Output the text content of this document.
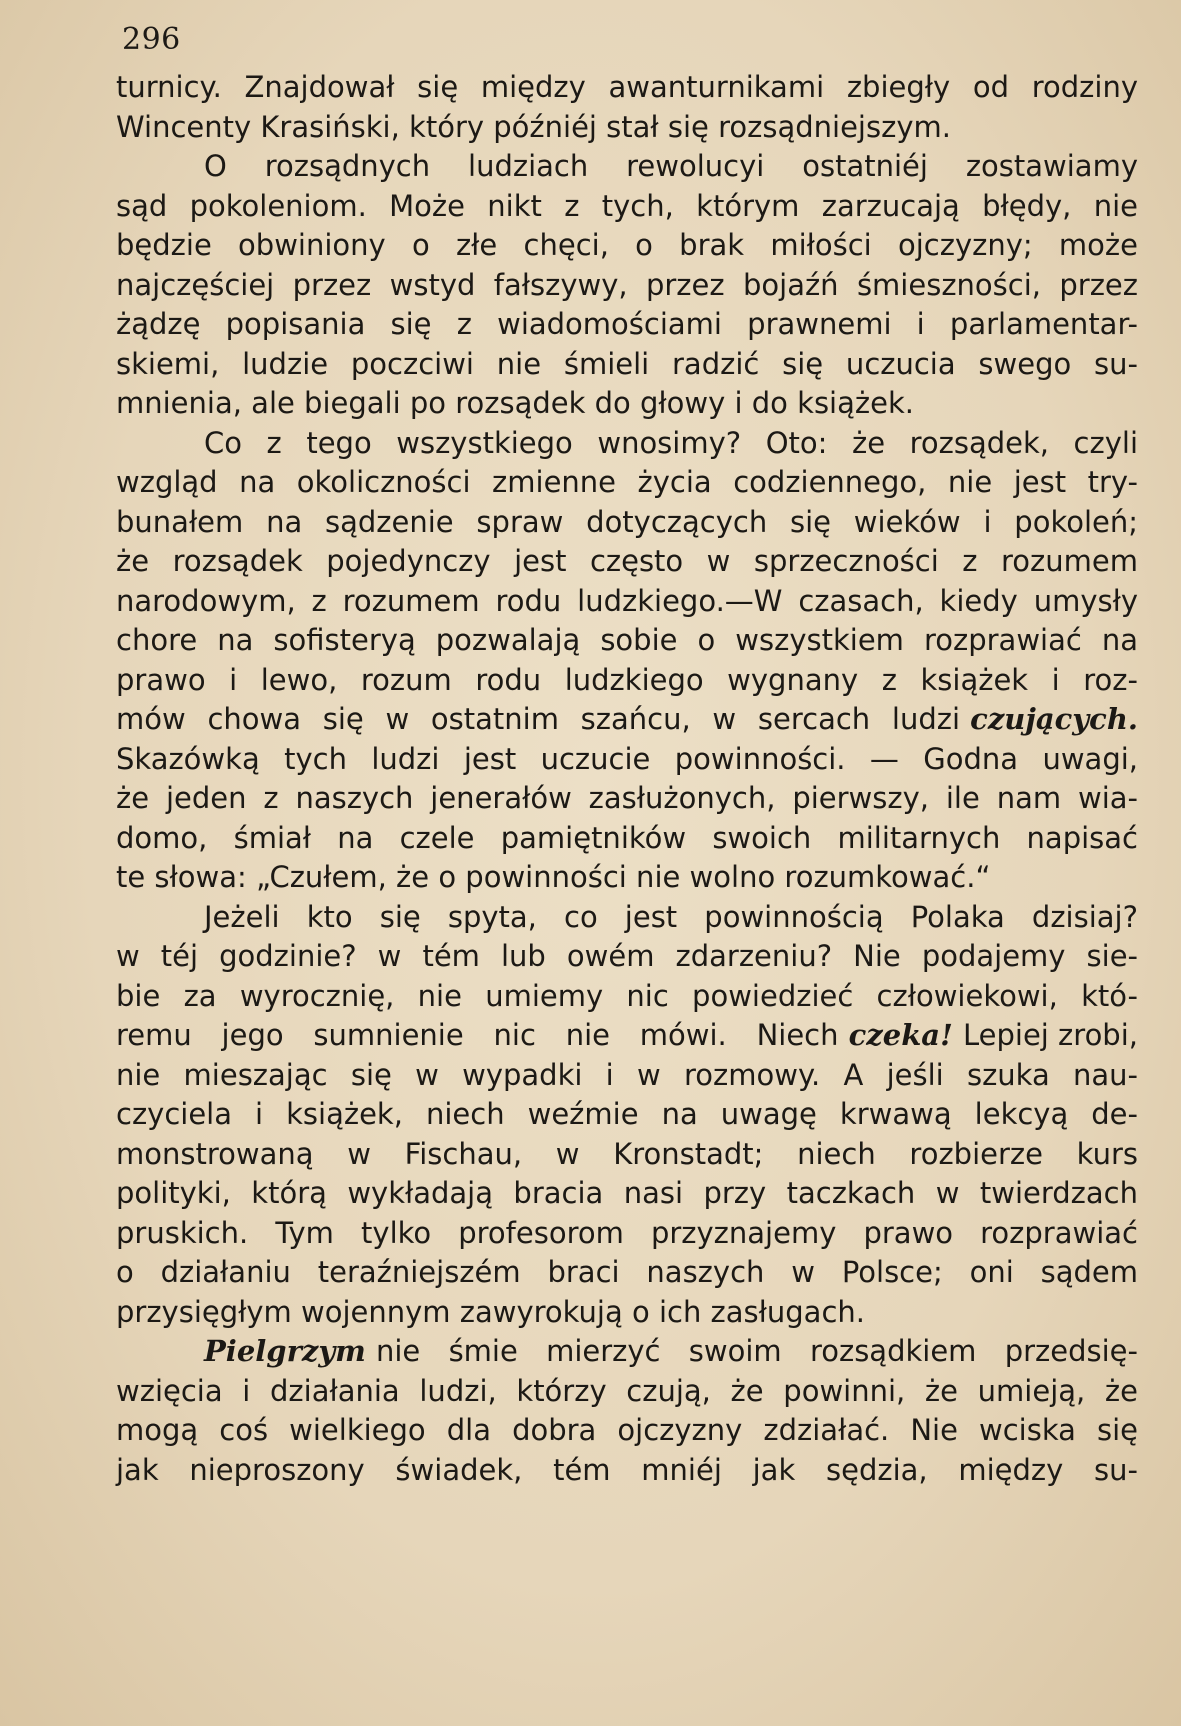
296
turnicy. Znajdował się między awanturnikami zbiegły od rodziny
Wincenty Krasiński, który późniéj stał się rozsądniejszym.
O rozsądnych ludziach rewolucyi ostatniéj zostawiamy
sąd pokoleniom. Może nikt z tych, którym zarzucają błędy, nie
będzie obwiniony o złe chęci, o brak miłości ojczyzny; może
najczęściej przez wstyd fałszywy, przez bojaźń śmieszności, przez
żądzę popisania się z wiadomościami prawnemi i parlamentar-
skiemi, ludzie poczciwi nie śmieli radzić się uczucia swego su-
mnienia, ale biegali po rozsądek do głowy i do książek.
Co z tego wszystkiego wnosimy? Oto: że rozsądek, czyli
wzgląd na okoliczności zmienne życia codziennego, nie jest try-
bunałem na sądzenie spraw dotyczących się wieków i pokoleń;
że rozsądek pojedynczy jest często w sprzeczności z rozumem
narodowym, z rozumem rodu ludzkiego.—W czasach, kiedy umysły
chore na sofisteryą pozwalają sobie o wszystkiem rozprawiać na
prawo i lewo, rozum rodu ludzkiego wygnany z książek i roz-
mów chowa się w ostatnim szańcu, w sercach ludzi czujących.
Skazówką tych ludzi jest uczucie powinności. — Godna uwagi,
że jeden z naszych jenerałów zasłużonych, pierwszy, ile nam wia-
domo, śmiał na czele pamiętników swoich militarnych napisać
te słowa: „Czułem, że o powinności nie wolno rozumkować.“
Jeżeli kto się spyta, co jest powinnością Polaka dzisiaj?
w téj godzinie? w tém lub owém zdarzeniu? Nie podajemy sie-
bie za wyrocznię, nie umiemy nic powiedzieć człowiekowi, któ-
remu jego sumnienie nic nie mówi. Niech czeka! Lepiej zrobi,
nie mieszając się w wypadki i w rozmowy. A jeśli szuka nau-
czyciela i książek, niech weźmie na uwagę krwawą lekcyą de-
monstrowaną w Fischau, w Kronstadt; niech rozbierze kurs
polityki, którą wykładają bracia nasi przy taczkach w twierdzach
pruskich. Tym tylko profesorom przyznajemy prawo rozprawiać
o działaniu teraźniejszém braci naszych w Polsce; oni sądem
przysięgłym wojennym zawyrokują o ich zasługach.
Pielgrzym nie śmie mierzyć swoim rozsądkiem przedsię-
wzięcia i działania ludzi, którzy czują, że powinni, że umieją, że
mogą coś wielkiego dla dobra ojczyzny zdziałać. Nie wciska się
jak nieproszony świadek, tém mniéj jak sędzia, między su-
